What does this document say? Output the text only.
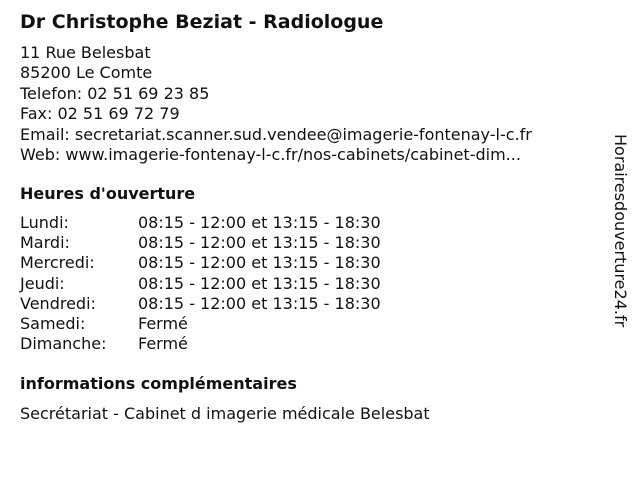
Dr Christophe Beziat - Radiologue
11 Rue Belesbat
85200 Le Comte
Telefon: 02 51 69 23 85
Fax: 02 51 69 72 79
Email: secretariat.scanner.sud.vendee@imagerie-fontenay-l-c.fr
Web: www.imagerie-fontenay-l-c.fr/nos-cabinets/cabinet-dim...
Heures d'ouverture
Lundi:	08:15 - 12:00 et 13:15 - 18:30
Mardi:	08:15 - 12:00 et 13:15 - 18:30
Mercredi:	08:15 - 12:00 et 13:15 - 18:30
Jeudi:	08:15 - 12:00 et 13:15 - 18:30
Vendredi:	08:15 - 12:00 et 13:15 - 18:30
Samedi:	Fermé
Dimanche:	Fermé
informations complémentaires
Secrétariat - Cabinet d imagerie médicale Belesbat
Horairesdouverture24.fr
